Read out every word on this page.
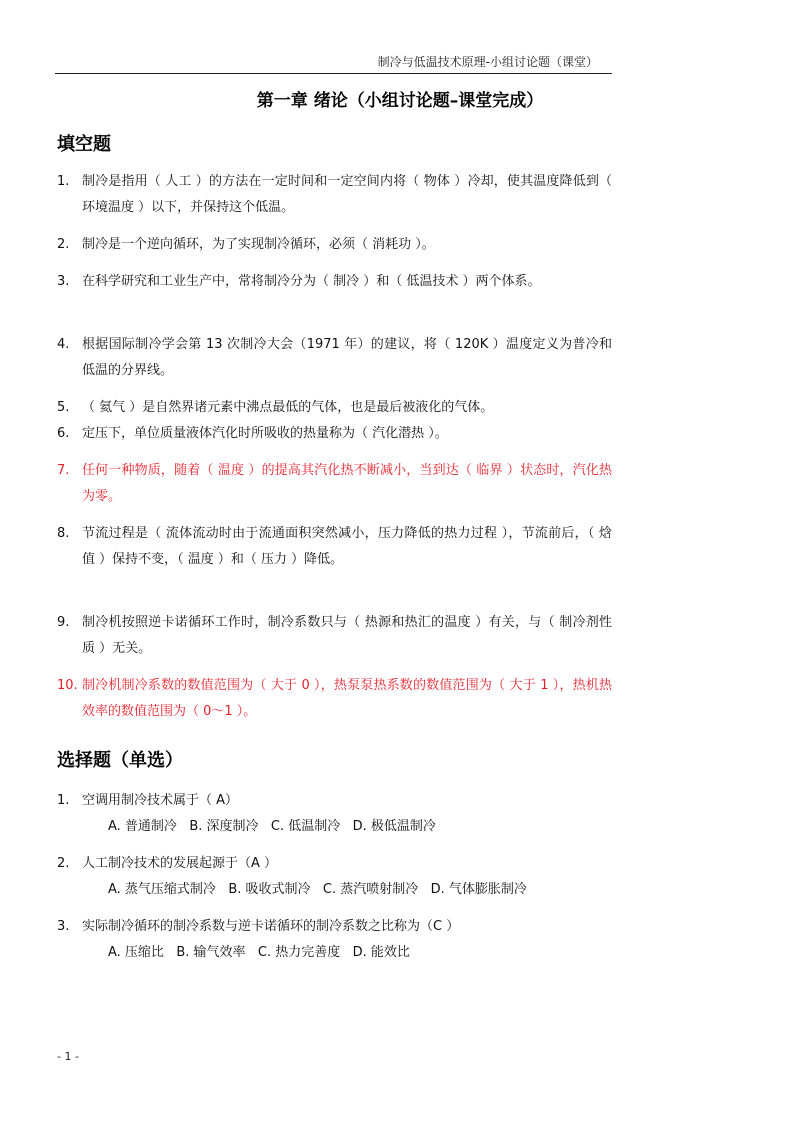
制冷与低温技术原理-小组讨论题（课堂）
第一章 绪论（小组讨论题–课堂完成）
填空题
1. 制冷是指用（ 人工 ）的方法在一定时间和一定空间内将（ 物体 ）冷却，使其温度降低到（ 环境温度 ）以下，并保持这个低温。
2. 制冷是一个逆向循环，为了实现制冷循环，必须（ 消耗功 ）。
3. 在科学研究和工业生产中，常将制冷分为（ 制冷 ）和（ 低温技术 ）两个体系。
4. 根据国际制冷学会第 13 次制冷大会（1971 年）的建议，将（ 120K ）温度定义为普冷和低温的分界线。
5. （ 氦气 ）是自然界诸元素中沸点最低的气体，也是最后被液化的气体。
6. 定压下，单位质量液体汽化时所吸收的热量称为（ 汽化潜热 ）。
7. 任何一种物质，随着（ 温度 ）的提高其汽化热不断减小，当到达（ 临界 ）状态时，汽化热为零。
8. 节流过程是（ 流体流动时由于流通面积突然减小，压力降低的热力过程 ），节流前后，（ 焓值 ）保持不变，（ 温度 ）和（ 压力 ）降低。
9. 制冷机按照逆卡诺循环工作时，制冷系数只与（ 热源和热汇的温度 ）有关，与（ 制冷剂性质 ）无关。
10. 制冷机制冷系数的数值范围为（ 大于 0 ），热泵泵热系数的数值范围为（ 大于 1 ），热机热效率的数值范围为（ 0～1 ）。
选择题（单选）
1. 空调用制冷技术属于（ A）
A. 普通制冷   B. 深度制冷   C. 低温制冷   D. 极低温制冷
2. 人工制冷技术的发展起源于（A ）
A. 蒸气压缩式制冷   B. 吸收式制冷   C. 蒸汽喷射制冷   D. 气体膨胀制冷
3. 实际制冷循环的制冷系数与逆卡诺循环的制冷系数之比称为（C ）
A. 压缩比   B. 输气效率   C. 热力完善度   D. 能效比
- 1 -
